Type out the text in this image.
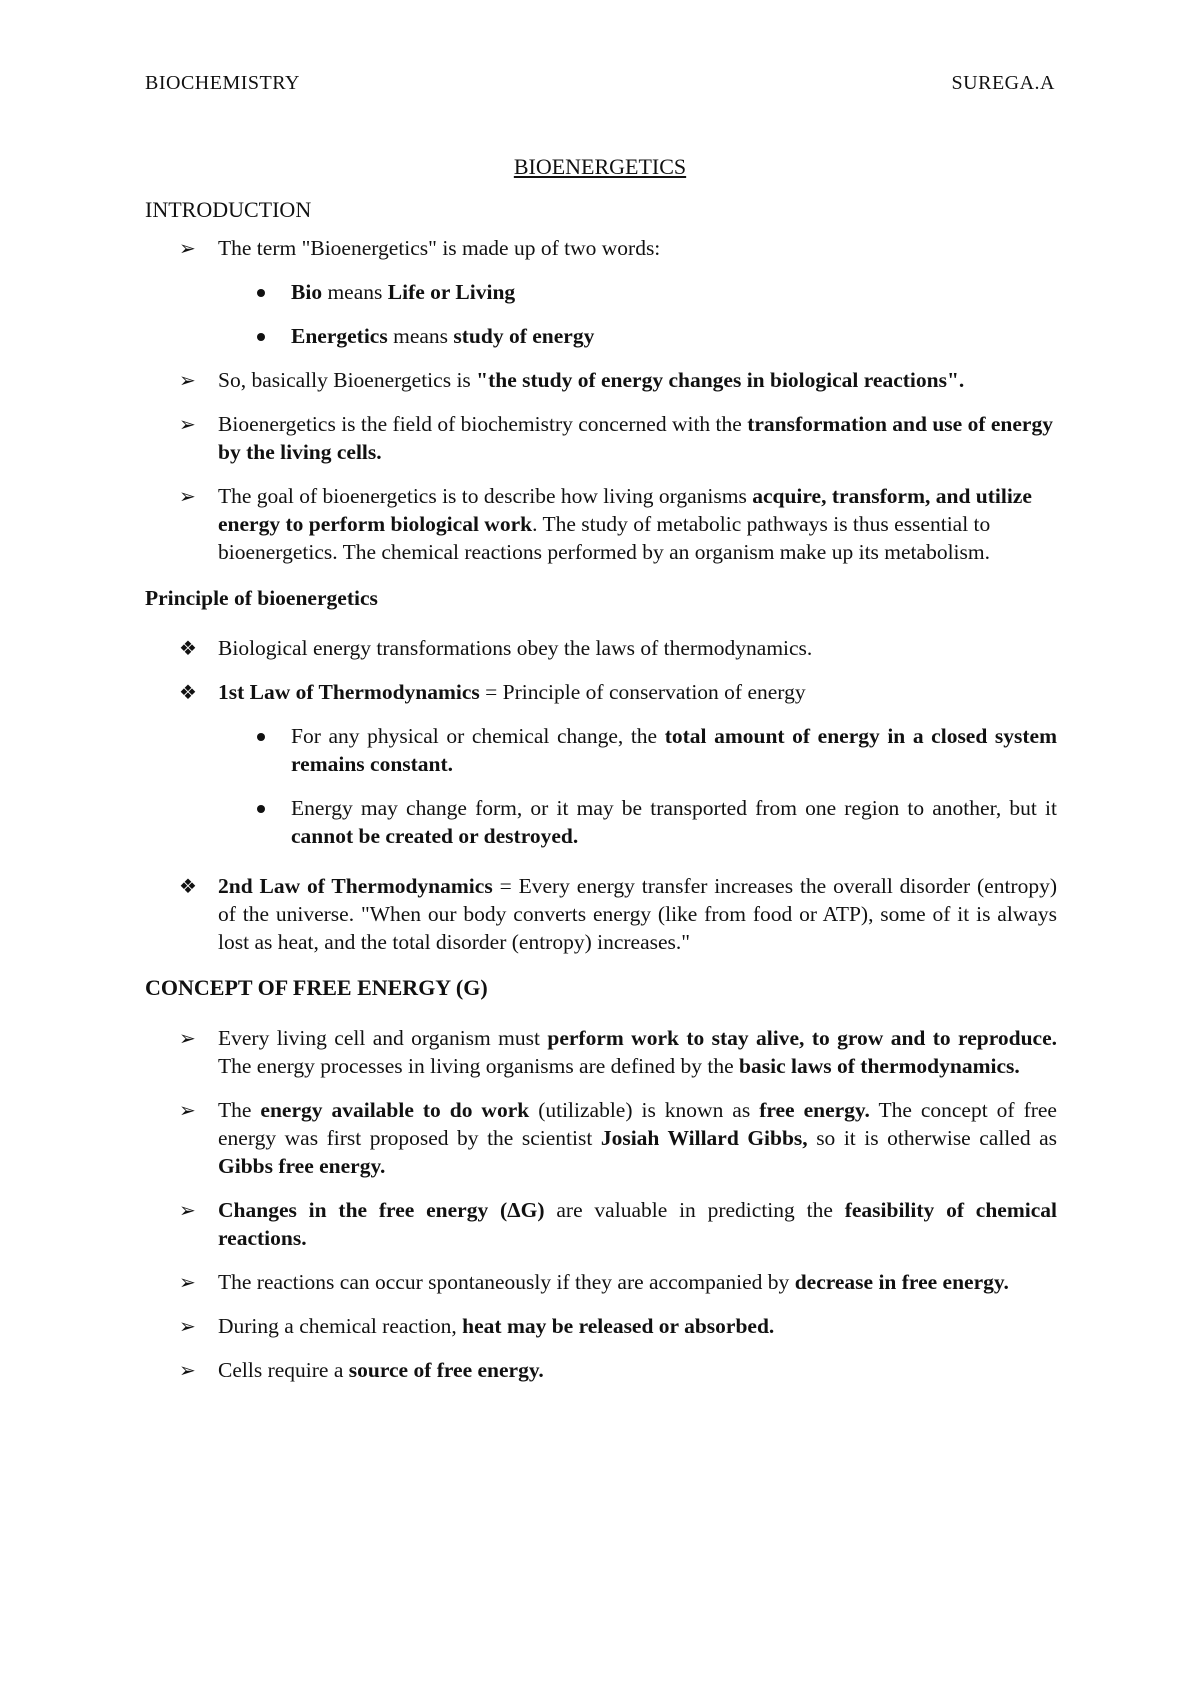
BIOCHEMISTRY	SUREGA.A
BIOENERGETICS
INTRODUCTION
➢	The term "Bioenergetics" is made up of two words:
Bio means Life or Living
Energetics means study of energy
➢	So, basically Bioenergetics is "the study of energy changes in biological reactions".
➢	Bioenergetics is the field of biochemistry concerned with the transformation and use of energy by the living cells.
➢	The goal of bioenergetics is to describe how living organisms acquire, transform, and utilize energy to perform biological work. The study of metabolic pathways is thus essential to bioenergetics. The chemical reactions performed by an organism make up its metabolism.
Principle of bioenergetics
❖ Biological energy transformations obey the laws of thermodynamics.
❖ 1st Law of Thermodynamics = Principle of conservation of energy
For any physical or chemical change, the total amount of energy in a closed system remains constant.
Energy may change form, or it may be transported from one region to another, but it cannot be created or destroyed.
❖ 2nd Law of Thermodynamics = Every energy transfer increases the overall disorder (entropy) of the universe. "When our body converts energy (like from food or ATP), some of it is always lost as heat, and the total disorder (entropy) increases."
CONCEPT OF FREE ENERGY (G)
➢	Every living cell and organism must perform work to stay alive, to grow and to reproduce. The energy processes in living organisms are defined by the basic laws of thermodynamics.
➢	The energy available to do work (utilizable) is known as free energy. The concept of free energy was first proposed by the scientist Josiah Willard Gibbs, so it is otherwise called as Gibbs free energy.
➢	Changes in the free energy (ΔG) are valuable in predicting the feasibility of chemical reactions.
➢	The reactions can occur spontaneously if they are accompanied by decrease in free energy.
➢	During a chemical reaction, heat may be released or absorbed.
➢	Cells require a source of free energy.
